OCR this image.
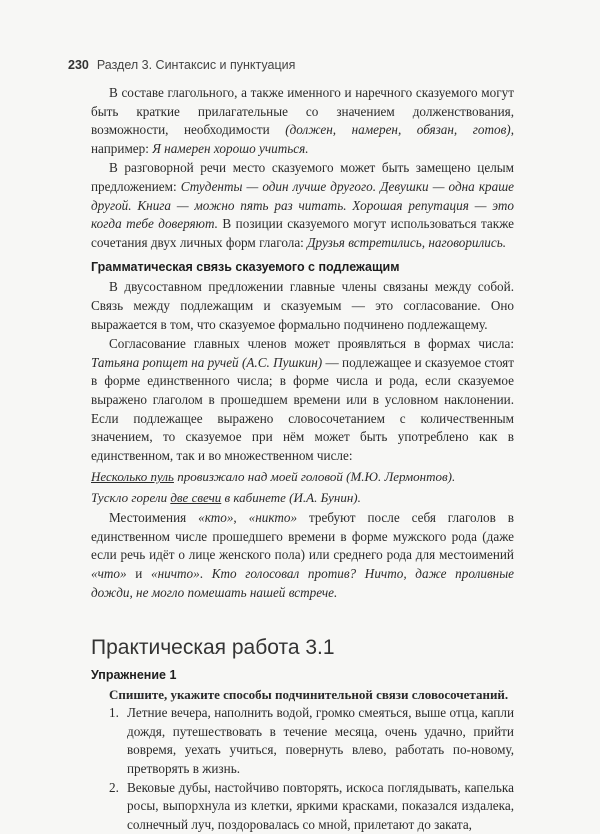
230 Раздел 3. Синтаксис и пунктуация

В составе глагольного, а также именного и наречного сказуемого могут быть краткие прилагательные со значением долженствования, возможности, необходимости (должен, намерен, обязан, готов), например: Я намерен хорошо учиться.

В разговорной речи место сказуемого может быть замещено целым предложением: Студенты — один лучше другого. Девушки — одна краше другой. Книга — можно пять раз читать. Хорошая репутация — это когда тебе доверяют. В позиции сказуемого могут использоваться также сочетания двух личных форм глагола: Друзья встретились, наговорились.

Грамматическая связь сказуемого с подлежащим

В двусоставном предложении главные члены связаны между собой. Связь между подлежащим и сказуемым — это согласование. Оно выражается в том, что сказуемое формально подчинено подлежащему.

Согласование главных членов может проявляться в формах числа: Татьяна ропщет на ручей (А.С. Пушкин) — подлежащее и сказуемое стоят в форме единственного числа; в форме числа и рода, если сказуемое выражено глаголом в прошедшем времени или в условном наклонении. Если подлежащее выражено словосочетанием с количественным значением, то сказуемое при нём может быть употреблено как в единственном, так и во множественном числе:

Несколько пуль провизжало над моей головой (М.Ю. Лермонтов).

Тускло горели две свечи в кабинете (И.А. Бунин).

Местоимения «кто», «никто» требуют после себя глаголов в единственном числе прошедшего времени в форме мужского рода (даже если речь идёт о лице женского пола) или среднего рода для местоимений «что» и «ничто». Кто голосовал против? Ничто, даже проливные дожди, не могло помешать нашей встрече.

Практическая работа 3.1
Упражнение 1

Спишите, укажите способы подчинительной связи словосочетаний.

1. Летние вечера, наполнить водой, громко смеяться, выше отца, капли дождя, путешествовать в течение месяца, очень удачно, прийти вовремя, уехать учиться, повернуть влево, работать по-новому, претворять в жизнь.
2. Вековые дубы, настойчиво повторять, искоса поглядывать, капелька росы, выпорхнула из клетки, яркими красками, показался издалека, солнечный луч, поздоровалась со мной, прилетают до заката,
